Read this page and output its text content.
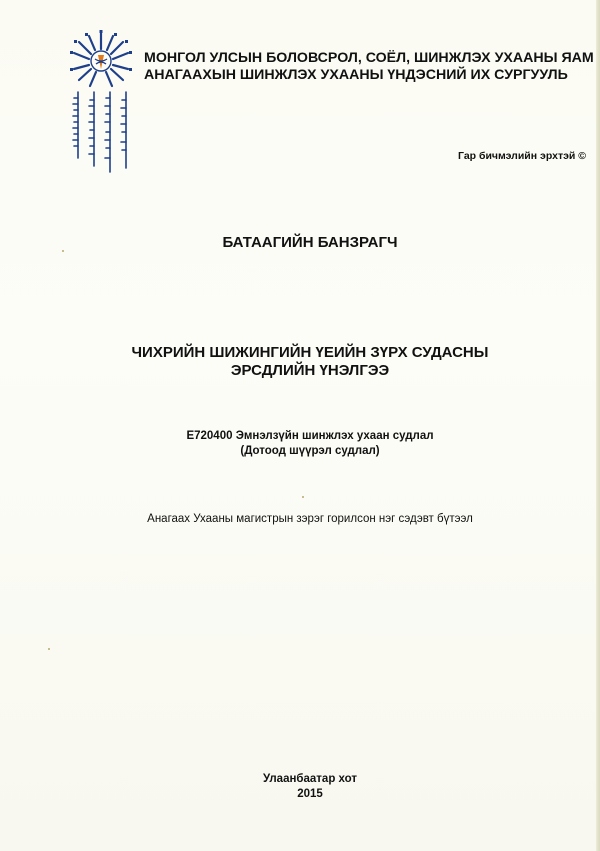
МОНГОЛ УЛСЫН БОЛОВСРОЛ, СОЁЛ, ШИНЖЛЭХ УХААНЫ ЯАМ
АНАГААХЫН ШИНЖЛЭХ УХААНЫ ҮНДЭСНИЙ ИХ СУРГУУЛЬ
Гар бичмэлийн эрхтэй ©
БАТААГИЙН БАНЗРАГЧ
ЧИХРИЙН ШИЖИНГИЙН ҮЕИЙН ЗҮРХ СУДАСНЫ
ЭРСДЛИЙН ҮНЭЛГЭЭ
E720400 Эмнэлзүйн шинжлэх ухаан судлал
(Дотоод шүүрэл судлал)
Анагаах Ухааны магистрын зэрэг горилсон нэг сэдэвт бүтээл
Улаанбаатар хот
2015
